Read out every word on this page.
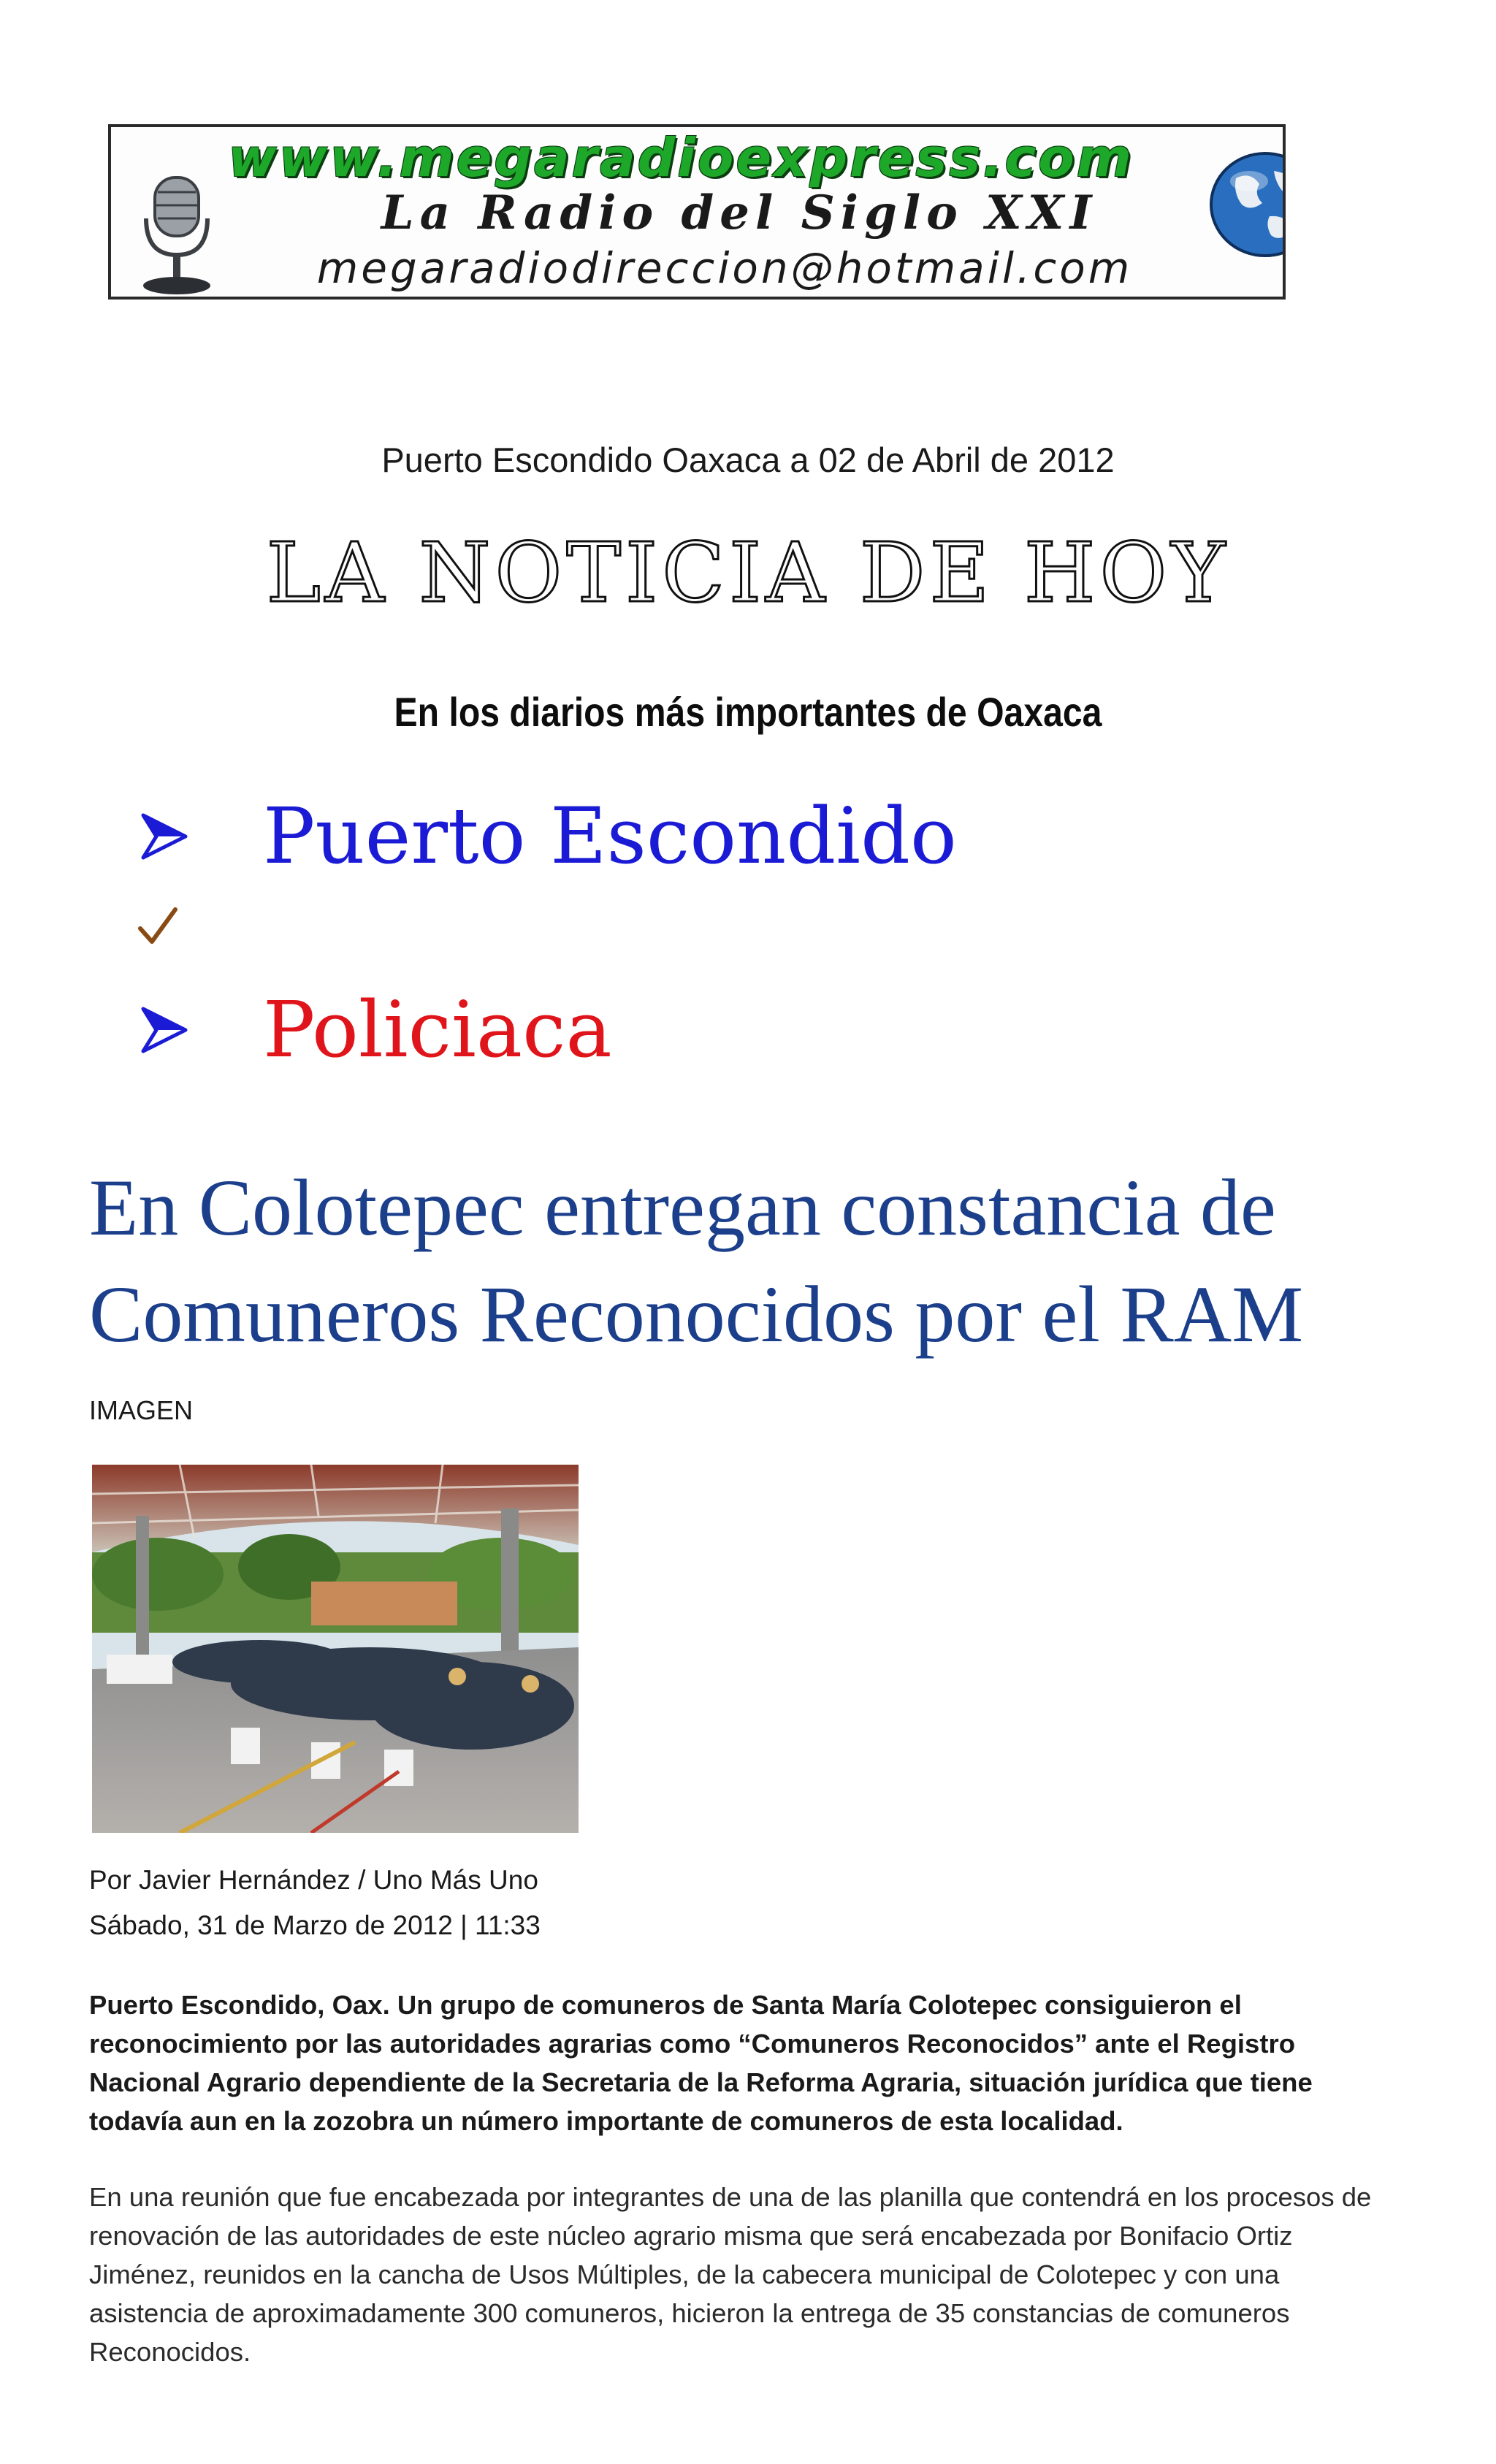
www.megaradioexpress.com
La Radio del Siglo XXI
megaradiodireccion@hotmail.com
Puerto Escondido Oaxaca a 02 de Abril de 2012
LA NOTICIA DE HOY
En los diarios más importantes de Oaxaca
Puerto Escondido
Policiaca
En Colotepec entregan constancia de Comuneros Reconocidos por el RAM
IMAGEN
Por Javier Hernández / Uno Más Uno
Sábado, 31 de Marzo de 2012 | 11:33
Puerto Escondido, Oax. Un grupo de comuneros de Santa María Colotepec consiguieron el reconocimiento por las autoridades agrarias como “Comuneros Reconocidos” ante el Registro Nacional Agrario dependiente de la Secretaria de la Reforma Agraria, situación jurídica que tiene todavía aun en la zozobra un número importante de comuneros de esta localidad.
En una reunión que fue encabezada por integrantes de una de las planilla que contendrá en los procesos de renovación de las autoridades de este núcleo agrario misma que será encabezada por Bonifacio Ortiz Jiménez, reunidos en la cancha de Usos Múltiples, de la cabecera municipal de Colotepec y con una asistencia de aproximadamente 300 comuneros, hicieron la entrega de 35 constancias de comuneros Reconocidos.
